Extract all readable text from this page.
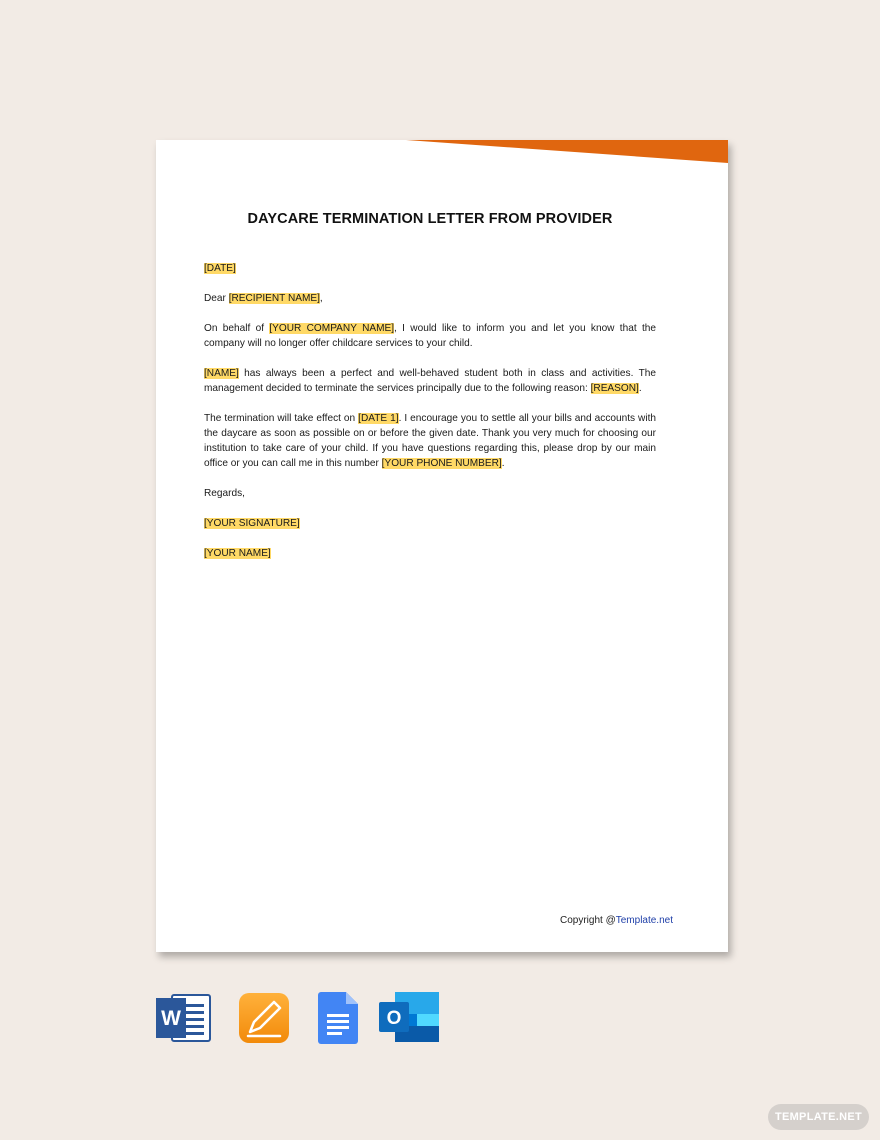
DAYCARE TERMINATION LETTER FROM PROVIDER

[DATE]

Dear [RECIPIENT NAME],

On behalf of [YOUR COMPANY NAME], I would like to inform you and let you know that the company will no longer offer childcare services to your child.

[NAME] has always been a perfect and well-behaved student both in class and activities. The management decided to terminate the services principally due to the following reason: [REASON].

The termination will take effect on [DATE 1]. I encourage you to settle all your bills and accounts with the daycare as soon as possible on or before the given date. Thank you very much for choosing our institution to take care of your child. If you have questions regarding this, please drop by our main office or you can call me in this number [YOUR PHONE NUMBER].

Regards,

[YOUR SIGNATURE]

[YOUR NAME]

Copyright @Template.net
W	O
TEMPLATE.NET
